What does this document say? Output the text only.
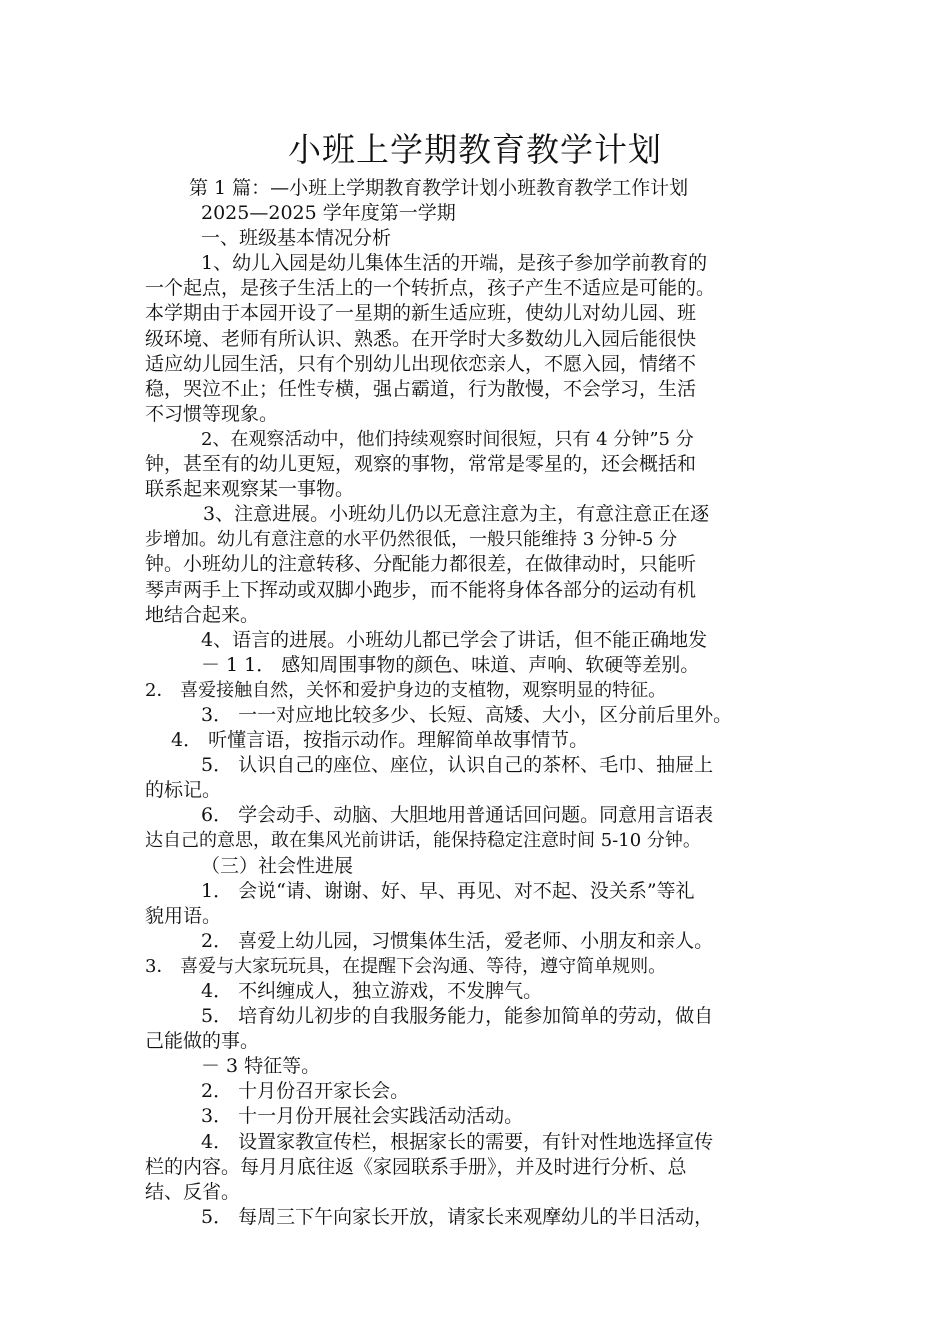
小班上学期教育教学计划
第 1 篇：—小班上学期教育教学计划小班教育教学工作计划
2025—2025 学年度第一学期
一、班级基本情况分析
1、幼儿入园是幼儿集体生活的开端，是孩子参加学前教育的
一个起点，是孩子生活上的一个转折点，孩子产生不适应是可能的。
本学期由于本园开设了一星期的新生适应班，使幼儿对幼儿园、班
级环境、老师有所认识、熟悉。在开学时大多数幼儿入园后能很快
适应幼儿园生活，只有个别幼儿出现依恋亲人，不愿入园，情绪不
稳，哭泣不止；任性专横，强占霸道，行为散慢，不会学习，生活
不习惯等现象。
2、在观察活动中，他们持续观察时间很短，只有 4 分钟”5 分
钟，甚至有的幼儿更短，观察的事物，常常是零星的，还会概括和
联系起来观察某一事物。
3、注意进展。小班幼儿仍以无意注意为主，有意注意正在逐
步增加。幼儿有意注意的水平仍然很低，一般只能维持 3 分钟-5 分
钟。小班幼儿的注意转移、分配能力都很差，在做律动时，只能听
琴声两手上下挥动或双脚小跑步，而不能将身体各部分的运动有机
地结合起来。
4、语言的进展。小班幼儿都已学会了讲话，但不能正确地发
－ 1 1． 感知周围事物的颜色、味道、声响、软硬等差别。
2． 喜爱接触自然，关怀和爱护身边的支植物，观察明显的特征。
3． 一一对应地比较多少、长短、高矮、大小，区分前后里外。
4． 听懂言语，按指示动作。理解简单故事情节。
5． 认识自己的座位、座位，认识自己的茶杯、毛巾、抽屉上
的标记。
6． 学会动手、动脑、大胆地用普通话回问题。同意用言语表
达自己的意思，敢在集风光前讲话，能保持稳定注意时间 5-10 分钟。
（三）社会性进展
1． 会说“请、谢谢、好、早、再见、对不起、没关系”等礼
貌用语。
2． 喜爱上幼儿园，习惯集体生活，爱老师、小朋友和亲人。
3． 喜爱与大家玩玩具，在提醒下会沟通、等待，遵守简单规则。
4． 不纠缠成人，独立游戏，不发脾气。
5． 培育幼儿初步的自我服务能力，能参加简单的劳动，做自
己能做的事。
－ 3 特征等。
2． 十月份召开家长会。
3． 十一月份开展社会实践活动活动。
4． 设置家教宣传栏，根据家长的需要，有针对性地选择宣传
栏的内容。每月月底往返《家园联系手册》，并及时进行分析、总
结、反省。
5． 每周三下午向家长开放，请家长来观摩幼儿的半日活动，
